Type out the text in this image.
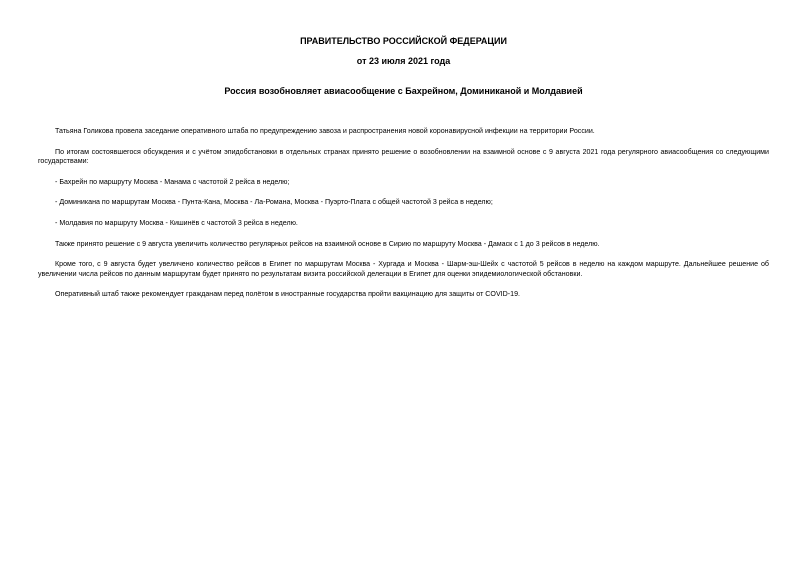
ПРАВИТЕЛЬСТВО РОССИЙСКОЙ ФЕДЕРАЦИИ
от 23 июля 2021 года
Россия возобновляет авиасообщение с Бахрейном, Доминиканой и Молдавией

Татьяна Голикова провела заседание оперативного штаба по предупреждению завоза и распространения новой коронавирусной инфекции на территории России.

По итогам состоявшегося обсуждения и с учётом эпидобстановки в отдельных странах принято решение о возобновлении на взаимной основе с 9 августа 2021 года регулярного авиасообщения со следующими государствами:

- Бахрейн по маршруту Москва - Манама с частотой 2 рейса в неделю;

- Доминикана по маршрутам Москва - Пунта-Кана, Москва - Ла-Романа, Москва - Пуэрто-Плата с общей частотой 3 рейса в неделю;

- Молдавия по маршруту Москва - Кишинёв с частотой 3 рейса в неделю.

Также принято решение с 9 августа увеличить количество регулярных рейсов на взаимной основе в Сирию по маршруту Москва - Дамаск с 1 до 3 рейсов в неделю.

Кроме того, с 9 августа будет увеличено количество рейсов в Египет по маршрутам Москва - Хургада и Москва - Шарм-эш-Шейх с частотой 5 рейсов в неделю на каждом маршруте. Дальнейшее решение об увеличении числа рейсов по данным маршрутам будет принято по результатам визита российской делегации в Египет для оценки эпидемиологической обстановки.

Оперативный штаб также рекомендует гражданам перед полётом в иностранные государства пройти вакцинацию для защиты от COVID-19.
